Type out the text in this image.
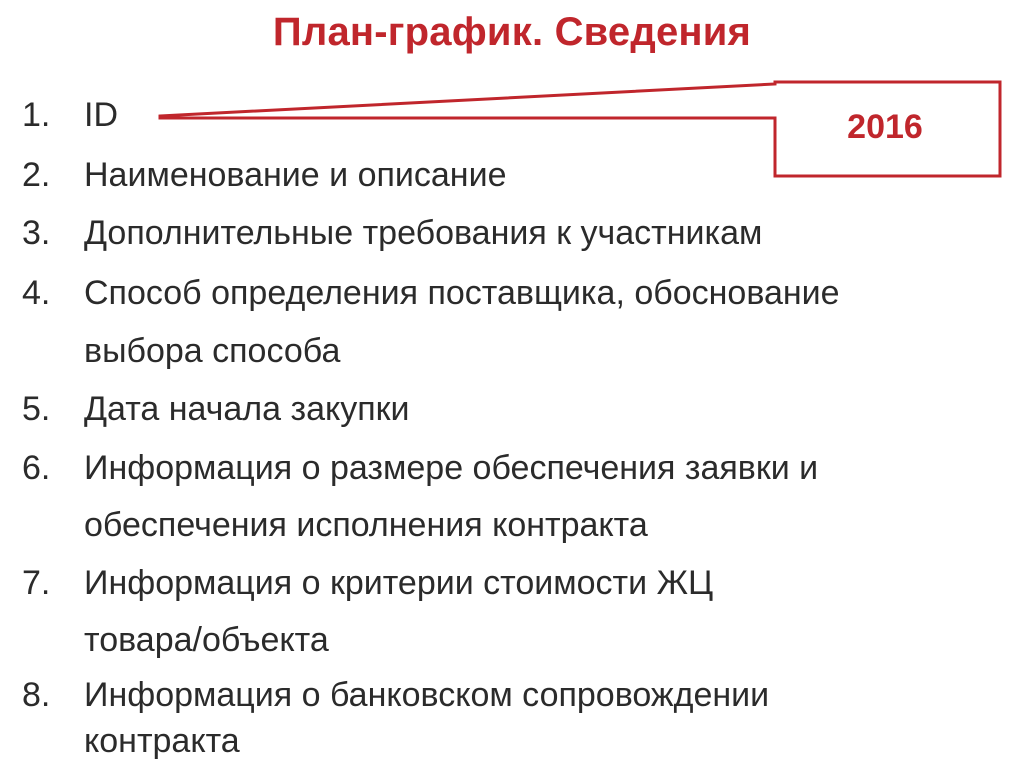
План-график. Сведения
2016
1. ID
2. Наименование и описание
3. Дополнительные требования к участникам
4. Способ определения поставщика, обоснование
выбора способа
5. Дата начала закупки
6. Информация о размере обеспечения заявки и
обеспечения исполнения контракта
7. Информация о критерии стоимости ЖЦ
товара/объекта
8. Информация о банковском сопровождении
контракта
